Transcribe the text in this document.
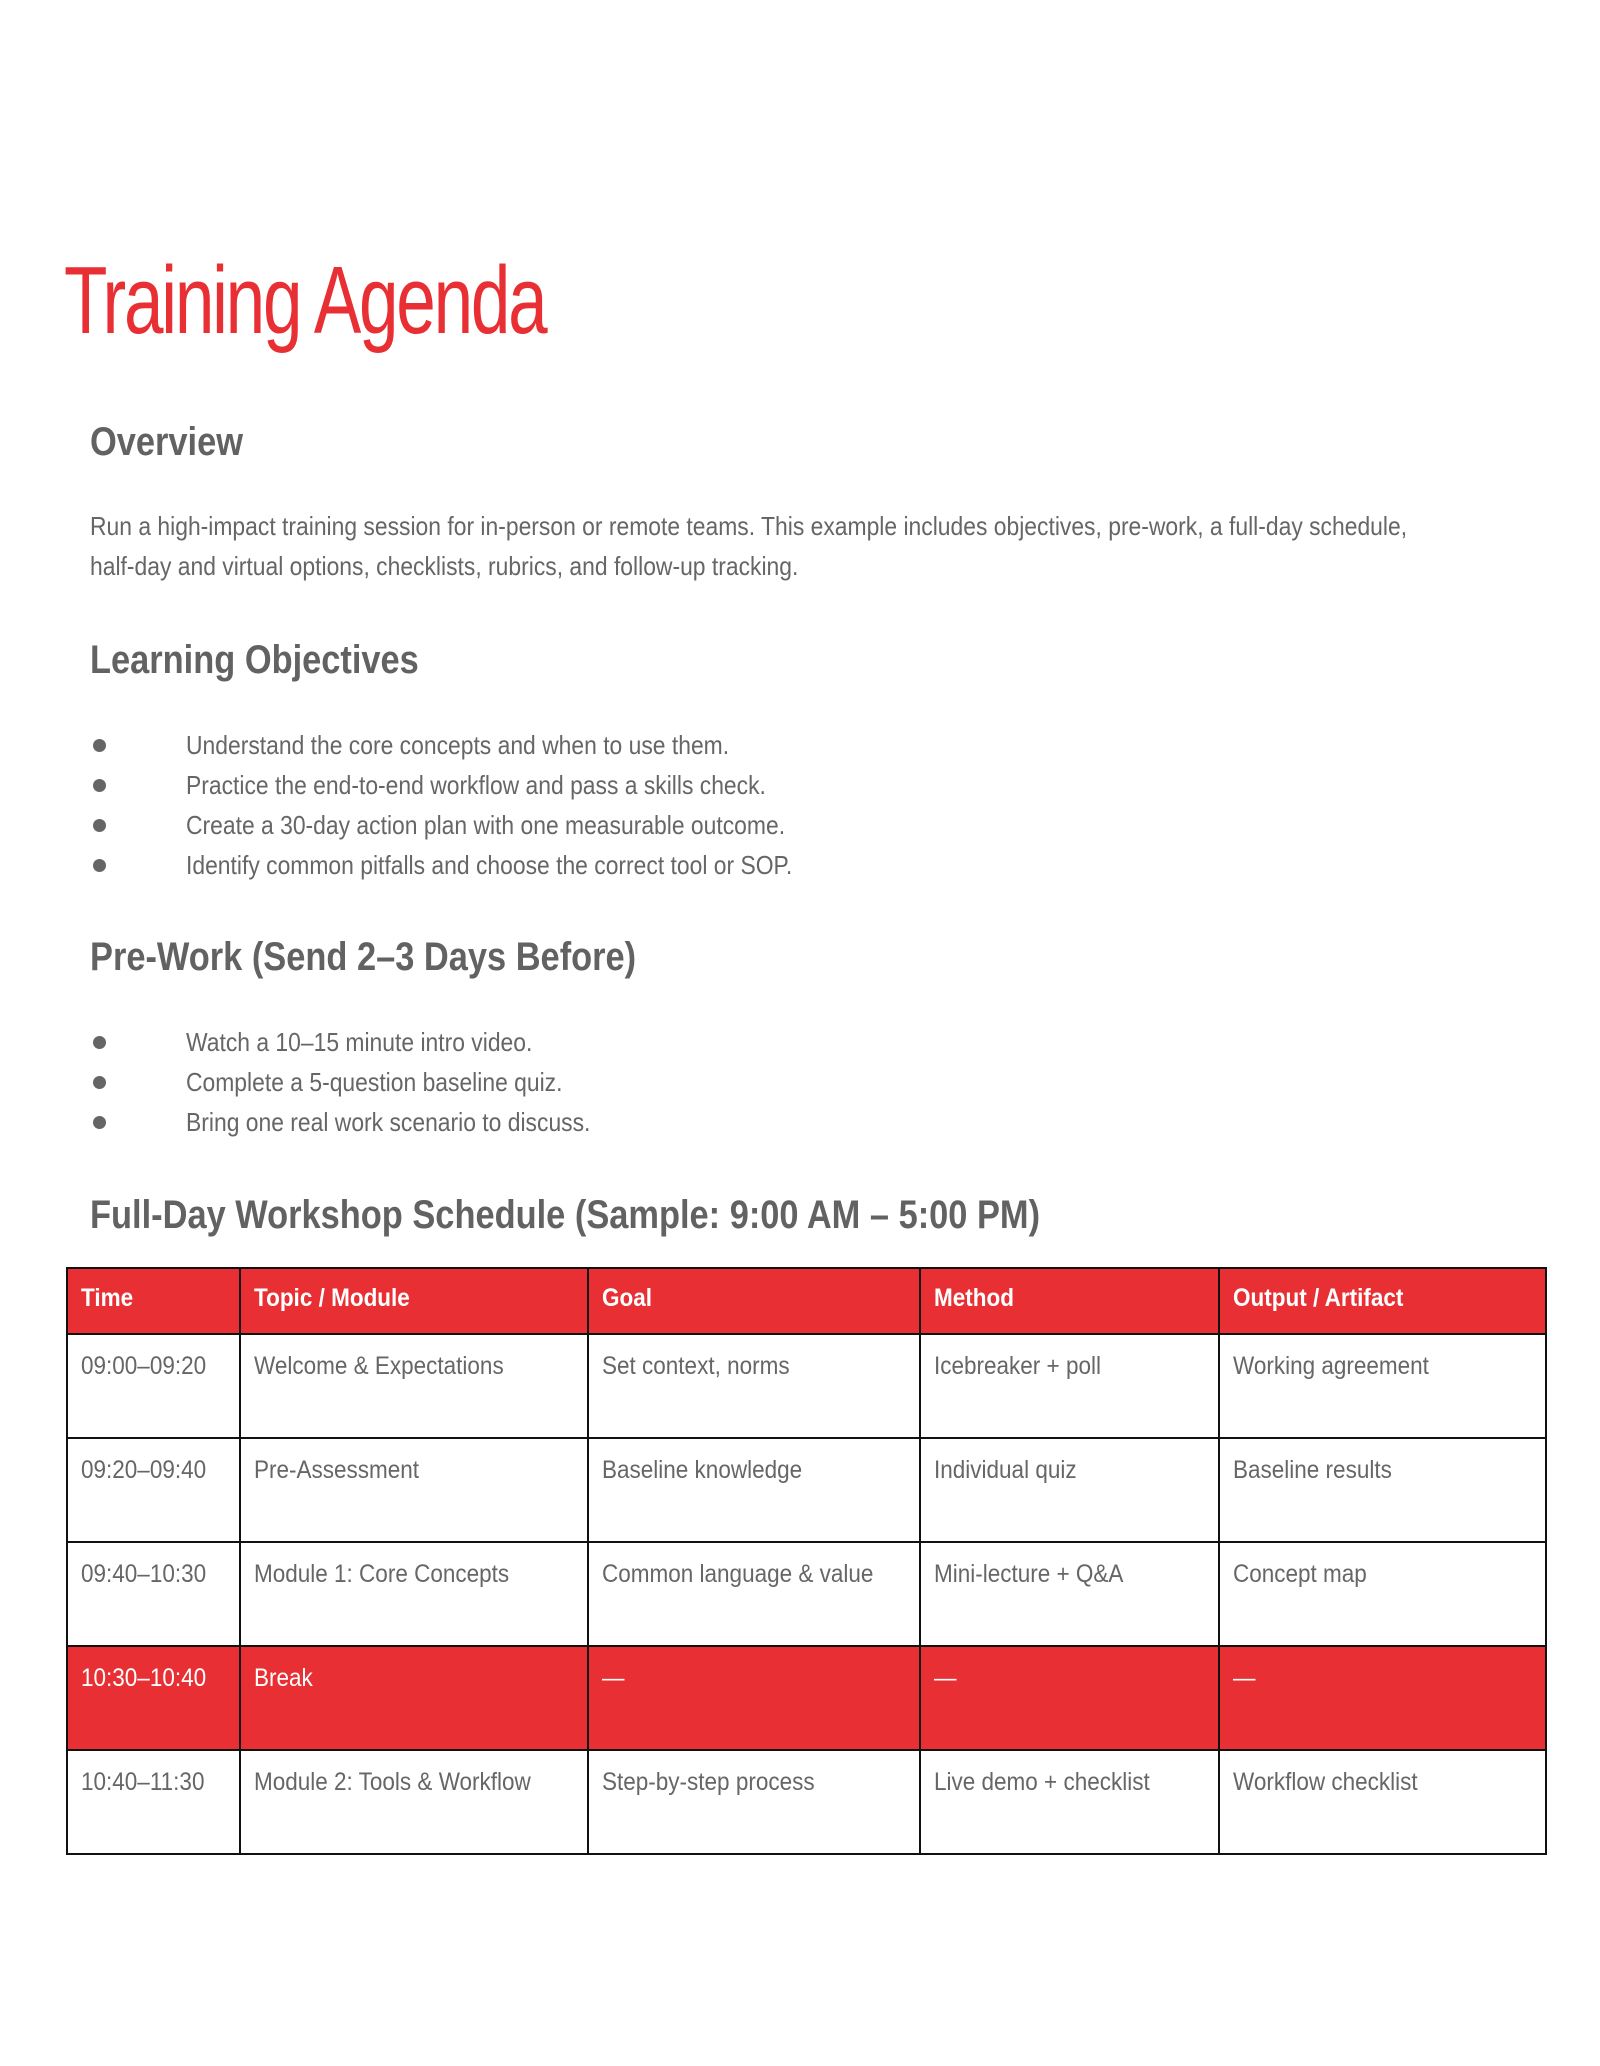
Training Agenda
Overview

Run a high-impact training session for in-person or remote teams. This example includes objectives, pre-work, a full-day schedule, half-day and virtual options, checklists, rubrics, and follow-up tracking.

Learning Objectives
Understand the core concepts and when to use them.
Practice the end-to-end workflow and pass a skills check.
Create a 30-day action plan with one measurable outcome.
Identify common pitfalls and choose the correct tool or SOP.
Pre-Work (Send 2–3 Days Before)
Watch a 10–15 minute intro video.
Complete a 5-question baseline quiz.
Bring one real work scenario to discuss.
Full-Day Workshop Schedule (Sample: 9:00 AM – 5:00 PM)
Time	Topic / Module	Goal	Method	Output / Artifact
09:00–09:20	Welcome & Expectations	Set context, norms	Icebreaker + poll	Working agreement
09:20–09:40	Pre-Assessment	Baseline knowledge	Individual quiz	Baseline results
09:40–10:30	Module 1: Core Concepts	Common language & value	Mini-lecture + Q&A	Concept map
10:30–10:40	Break	—	—	—
10:40–11:30	Module 2: Tools & Workflow	Step-by-step process	Live demo + checklist	Workflow checklist
